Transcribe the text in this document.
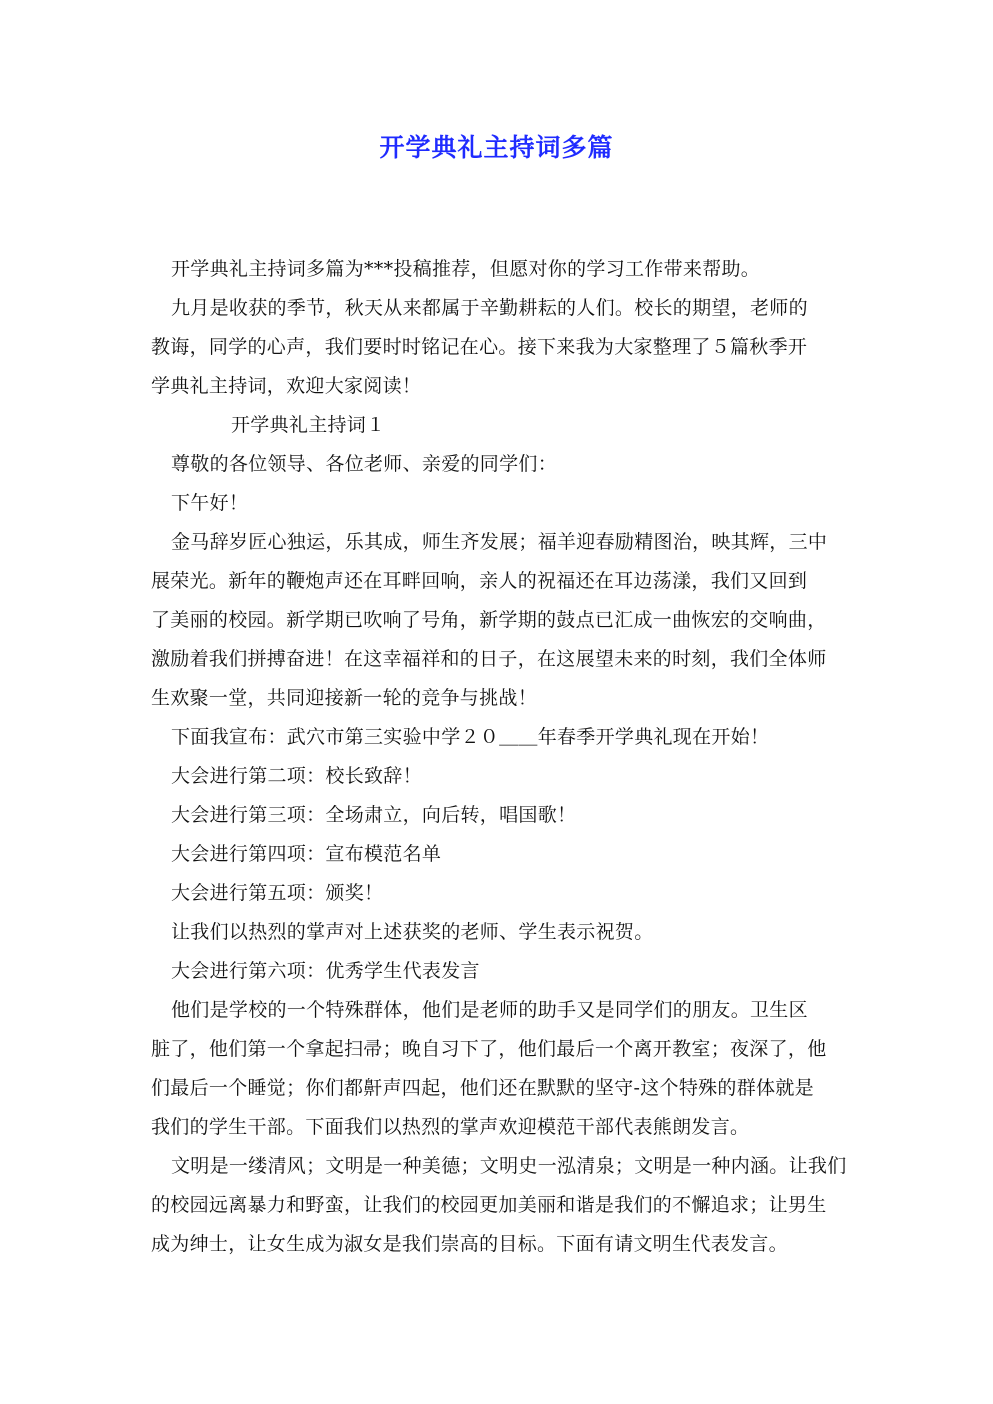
开学典礼主持词多篇
开学典礼主持词多篇为***投稿推荐，但愿对你的学习工作带来帮助。
九月是收获的季节，秋天从来都属于辛勤耕耘的人们。校长的期望，老师的
教诲，同学的心声，我们要时时铭记在心。接下来我为大家整理了５篇秋季开
学典礼主持词，欢迎大家阅读！
开学典礼主持词１
尊敬的各位领导、各位老师、亲爱的同学们：
下午好！
金马辞岁匠心独运，乐其成，师生齐发展；福羊迎春励精图治，映其辉，三中
展荣光。新年的鞭炮声还在耳畔回响，亲人的祝福还在耳边荡漾，我们又回到
了美丽的校园。新学期已吹响了号角，新学期的鼓点已汇成一曲恢宏的交响曲，
激励着我们拼搏奋进！在这幸福祥和的日子，在这展望未来的时刻，我们全体师
生欢聚一堂，共同迎接新一轮的竞争与挑战！
下面我宣布：武穴市第三实验中学２０＿＿年春季开学典礼现在开始！
大会进行第二项：校长致辞！
大会进行第三项：全场肃立，向后转，唱国歌！
大会进行第四项：宣布模范名单
大会进行第五项：颁奖！
让我们以热烈的掌声对上述获奖的老师、学生表示祝贺。
大会进行第六项：优秀学生代表发言
他们是学校的一个特殊群体，他们是老师的助手又是同学们的朋友。卫生区
脏了，他们第一个拿起扫帚；晚自习下了，他们最后一个离开教室；夜深了，他
们最后一个睡觉；你们都鼾声四起，他们还在默默的坚守-这个特殊的群体就是
我们的学生干部。下面我们以热烈的掌声欢迎模范干部代表熊朗发言。
文明是一缕清风；文明是一种美德；文明史一泓清泉；文明是一种内涵。让我们
的校园远离暴力和野蛮，让我们的校园更加美丽和谐是我们的不懈追求；让男生
成为绅士，让女生成为淑女是我们崇高的目标。下面有请文明生代表发言。
